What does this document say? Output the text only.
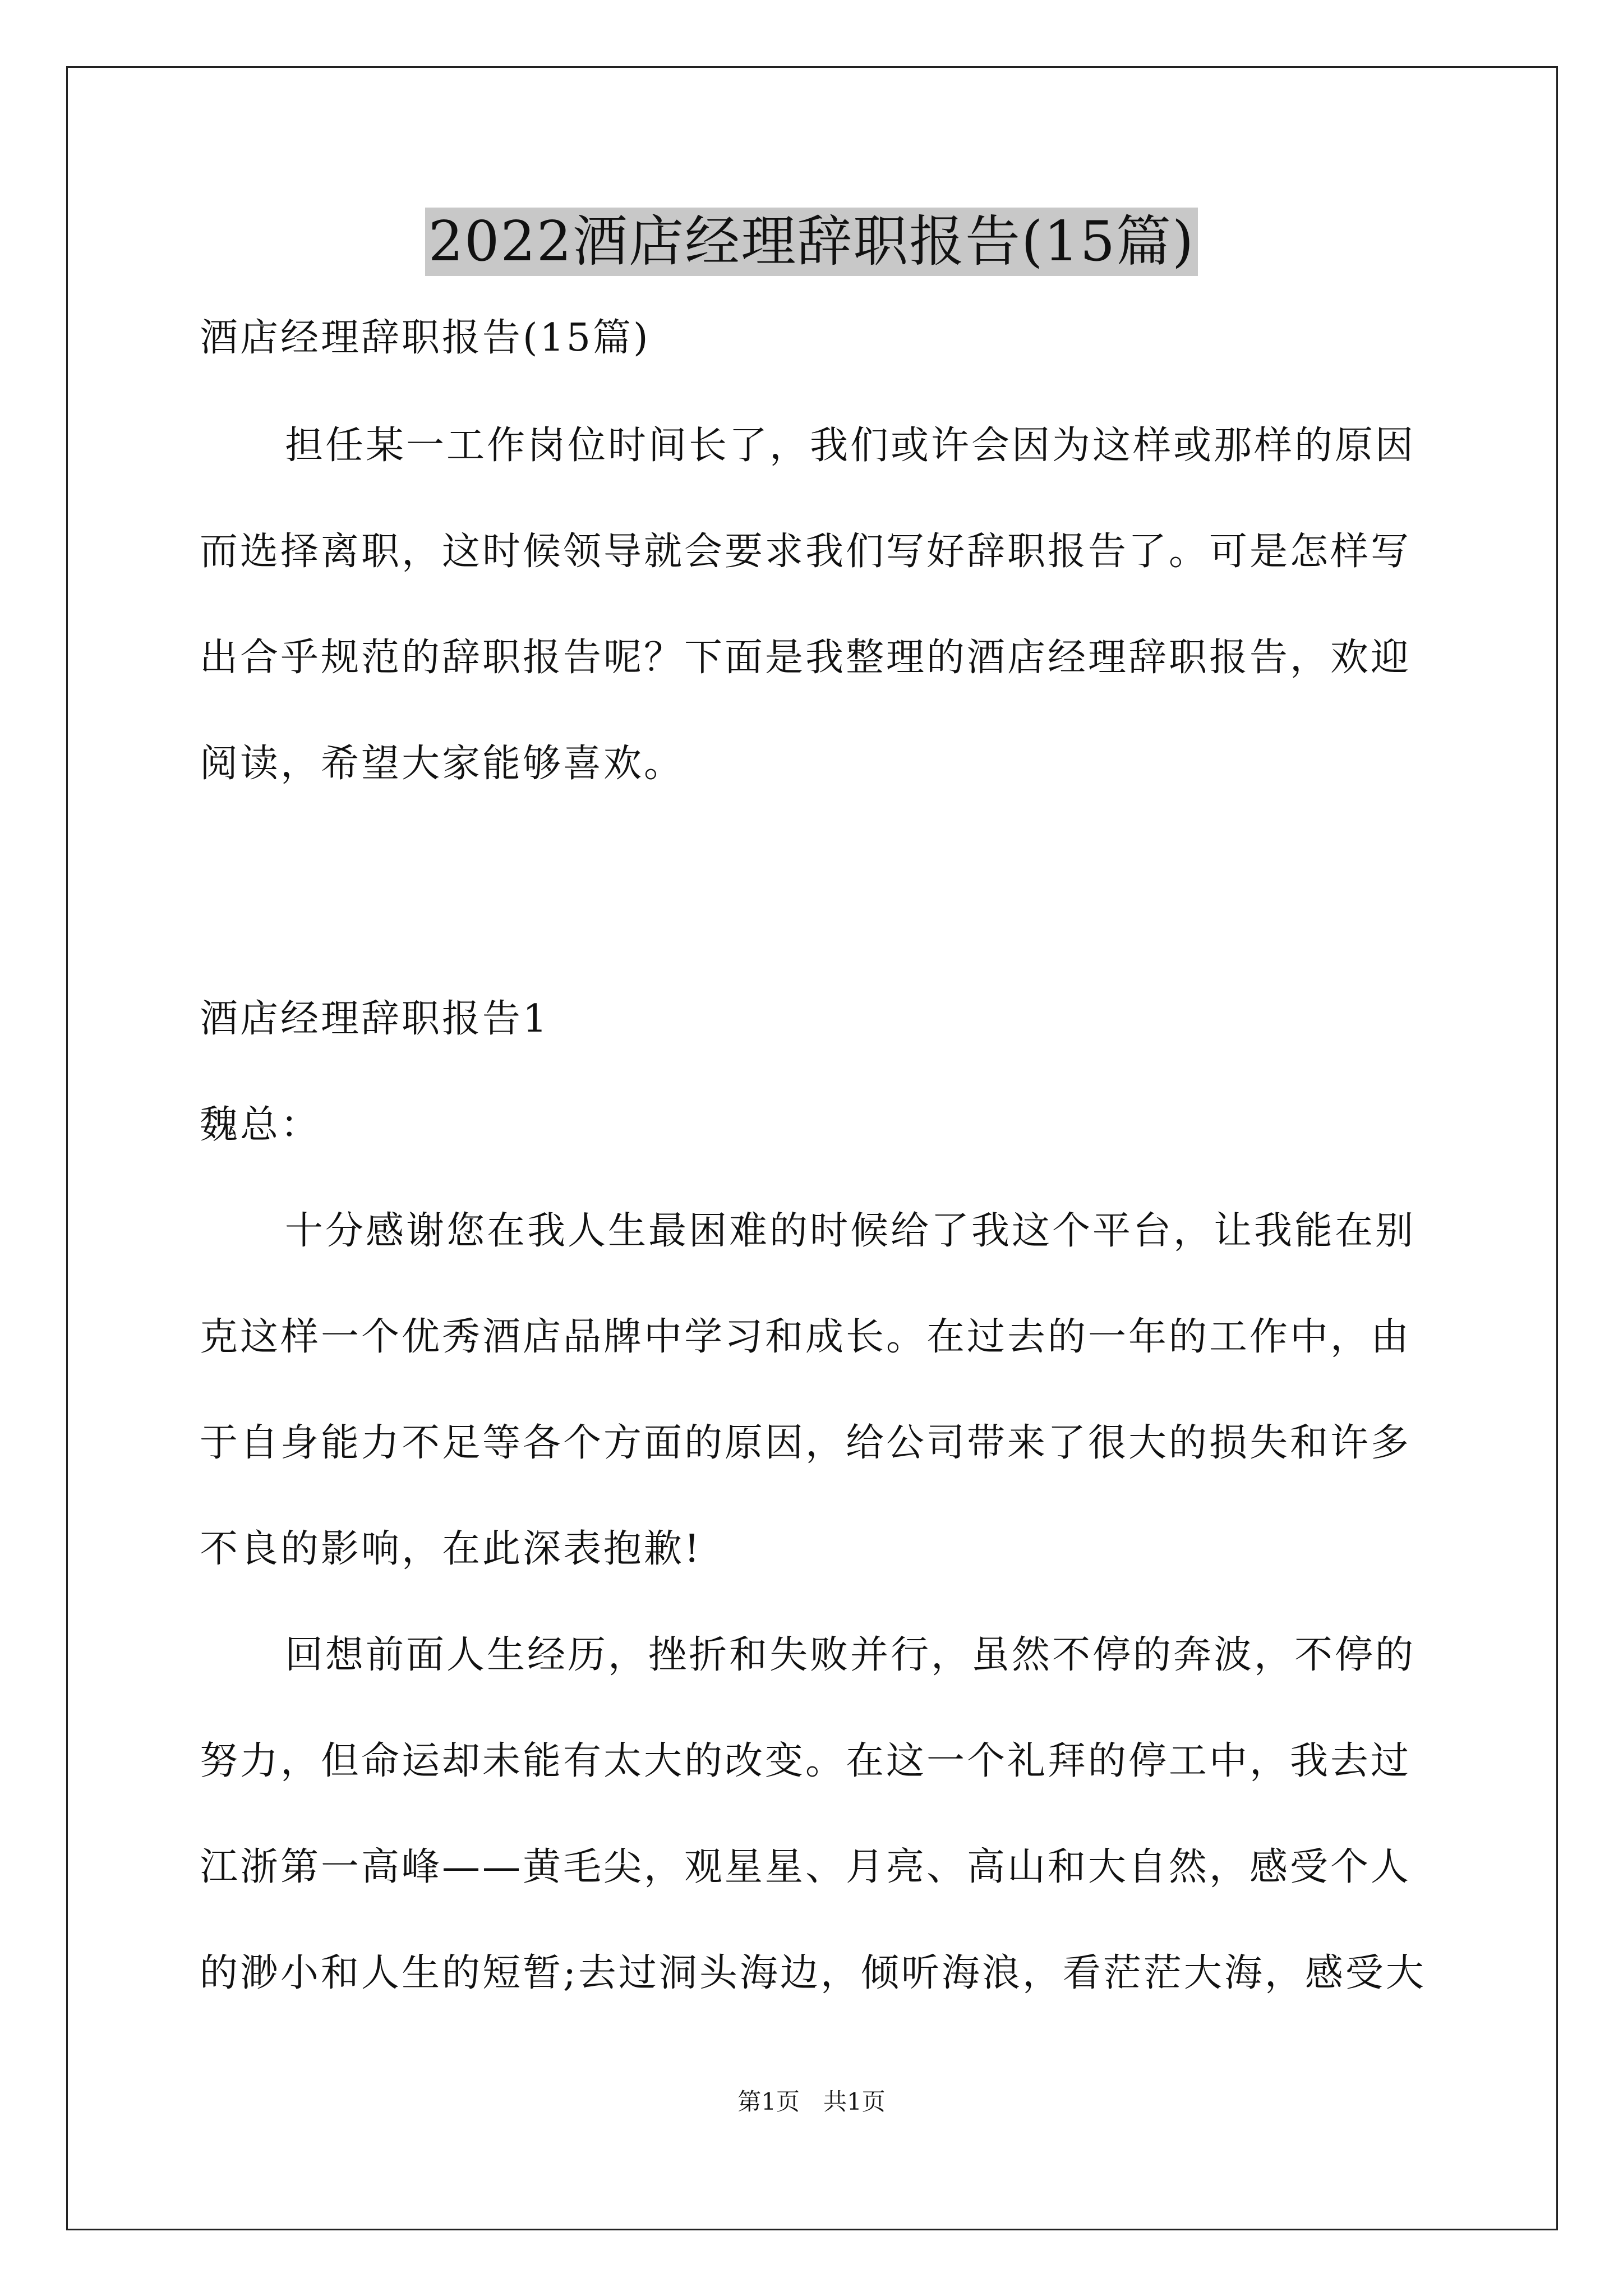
2022酒店经理辞职报告(15篇)
酒店经理辞职报告(15篇)
担任某一工作岗位时间长了，我们或许会因为这样或那样的原因
而选择离职，这时候领导就会要求我们写好辞职报告了。可是怎样写
出合乎规范的辞职报告呢？下面是我整理的酒店经理辞职报告，欢迎
阅读，希望大家能够喜欢。
酒店经理辞职报告1
魏总：
十分感谢您在我人生最困难的时候给了我这个平台，让我能在别
克这样一个优秀酒店品牌中学习和成长。在过去的一年的工作中，由
于自身能力不足等各个方面的原因，给公司带来了很大的损失和许多
不良的影响，在此深表抱歉!
回想前面人生经历，挫折和失败并行，虽然不停的奔波，不停的
努力，但命运却未能有太大的改变。在这一个礼拜的停工中，我去过
江浙第一高峰——黄毛尖，观星星、月亮、高山和大自然，感受个人
的渺小和人生的短暂;去过洞头海边，倾听海浪，看茫茫大海，感受大
第1页　共1页
